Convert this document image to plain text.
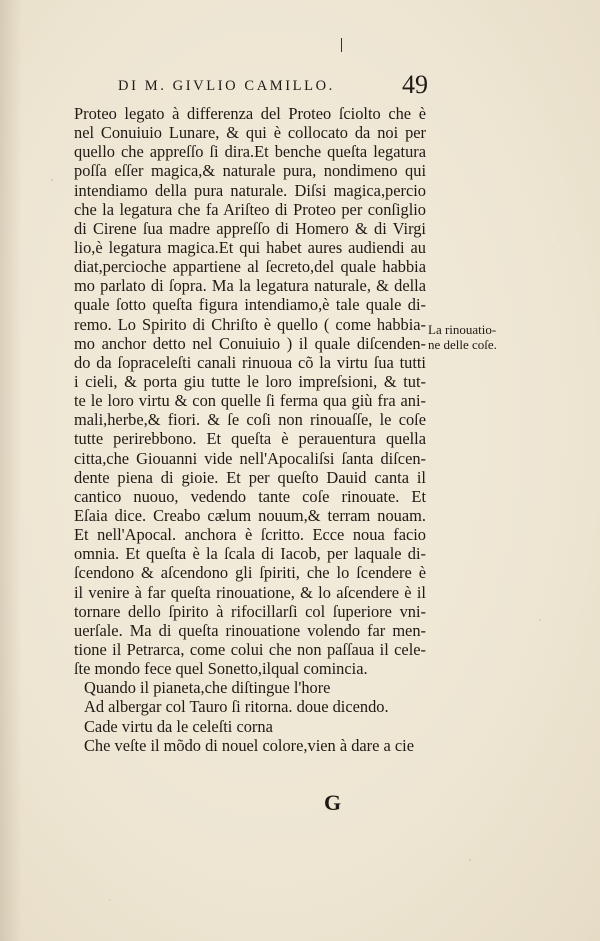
DI M. GIVLIO CAMILLO.	49
Proteo legato à differenza del Proteo ſciolto che è
nel Conuiuio Lunare, & qui è collocato da noi per
quello che appreſſo ſi dira.Et benche queſta legatura
poſſa eſſer magica,& naturale pura, nondimeno qui
intendiamo della pura naturale. Diſsi magica,percio
che la legatura che fa Ariſteo di Proteo per conſiglio
di Cirene ſua madre appreſſo di Homero & di Virgi
lio,è legatura magica.Et qui habet aures audiendi au
diat,percioche appartiene al ſecreto,del quale habbia
mo parlato di ſopra. Ma la legatura naturale, & della
quale ſotto queſta figura intendiamo,è tale quale di-
remo. Lo Spirito di Chriſto è quello ( come habbia-
mo anchor detto nel Conuiuio ) il quale diſcenden-
do da ſopraceleſti canali rinuoua cõ la virtu ſua tutti
i cieli, & porta giu tutte le loro impreſsioni, & tut-
te le loro virtu & con quelle ſi ferma qua giù fra ani-
mali,herbe,& fiori. & ſe coſi non rinouaſſe, le coſe
tutte perirebbono. Et queſta è perauentura quella
citta,che Giouanni vide nell'Apocaliſsi ſanta diſcen-
dente piena di gioie. Et per queſto Dauid canta il
cantico nuouo, vedendo tante coſe rinouate. Et
Eſaia dice. Creabo cælum nouum,& terram nouam.
Et nell'Apocal. anchora è ſcritto. Ecce noua facio
omnia. Et queſta è la ſcala di Iacob, per laquale di-
ſcendono & aſcendono gli ſpiriti, che lo ſcendere è
il venire à far queſta rinouatione, & lo aſcendere è il
tornare dello ſpirito à rifocillarſi col ſuperiore vni-
uerſale. Ma di queſta rinouatione volendo far men-
tione il Petrarca, come colui che non paſſaua il cele-
ſte mondo fece quel Sonetto,ilqual comincia.
Quando il pianeta,che diſtingue l'hore
Ad albergar col Tauro ſi ritorna. doue dicendo.
Cade virtu da le celeſti corna
Che veſte il mõdo di nouel colore,vien à dare a cie
La rinouatio-
ne delle coſe.
G
